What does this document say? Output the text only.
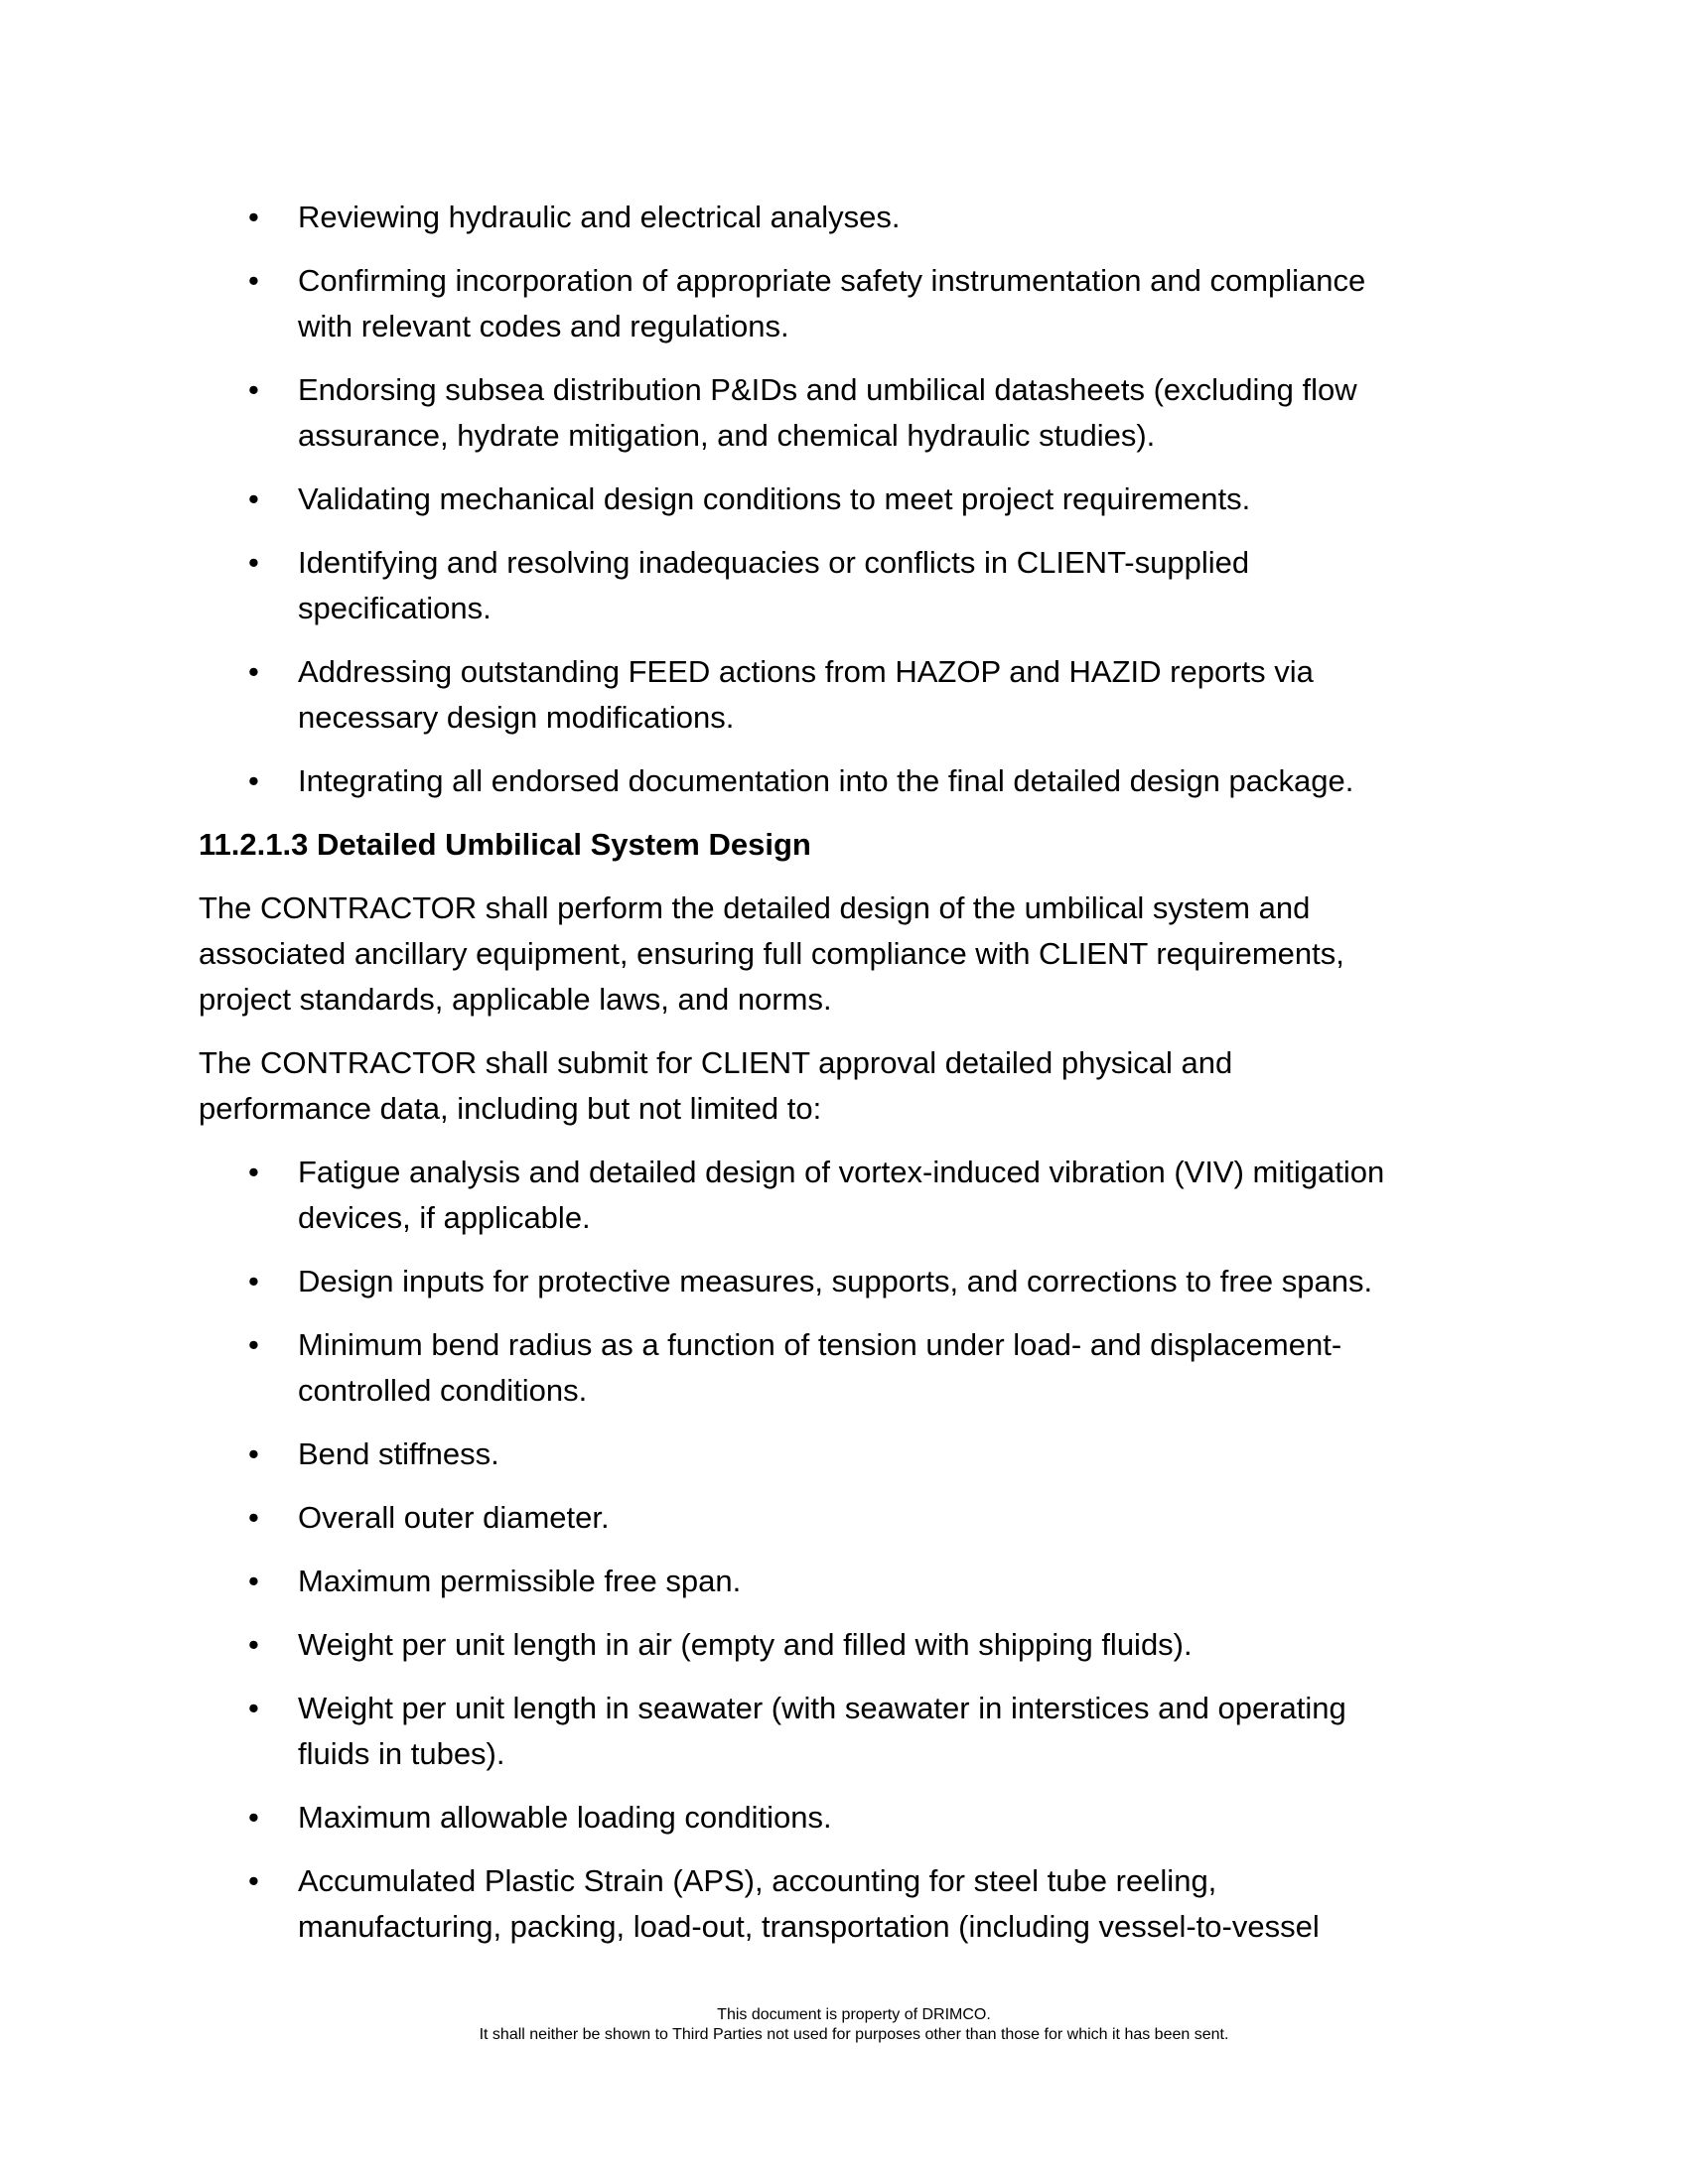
•	Reviewing hydraulic and electrical analyses.
•	Confirming incorporation of appropriate safety instrumentation and compliance
with relevant codes and regulations.
•	Endorsing subsea distribution P&IDs and umbilical datasheets (excluding flow
assurance, hydrate mitigation, and chemical hydraulic studies).
•	Validating mechanical design conditions to meet project requirements.
•	Identifying and resolving inadequacies or conflicts in CLIENT-supplied
specifications.
•	Addressing outstanding FEED actions from HAZOP and HAZID reports via
necessary design modifications.
•	Integrating all endorsed documentation into the final detailed design package.
11.2.1.3 Detailed Umbilical System Design
The CONTRACTOR shall perform the detailed design of the umbilical system and
associated ancillary equipment, ensuring full compliance with CLIENT requirements,
project standards, applicable laws, and norms.
The CONTRACTOR shall submit for CLIENT approval detailed physical and
performance data, including but not limited to:
•	Fatigue analysis and detailed design of vortex-induced vibration (VIV) mitigation
devices, if applicable.
•	Design inputs for protective measures, supports, and corrections to free spans.
•	Minimum bend radius as a function of tension under load- and displacement-
controlled conditions.
•	Bend stiffness.
•	Overall outer diameter.
•	Maximum permissible free span.
•	Weight per unit length in air (empty and filled with shipping fluids).
•	Weight per unit length in seawater (with seawater in interstices and operating
fluids in tubes).
•	Maximum allowable loading conditions.
•	Accumulated Plastic Strain (APS), accounting for steel tube reeling,
manufacturing, packing, load-out, transportation (including vessel-to-vessel
This document is property of DRIMCO.
It shall neither be shown to Third Parties not used for purposes other than those for which it has been sent.
